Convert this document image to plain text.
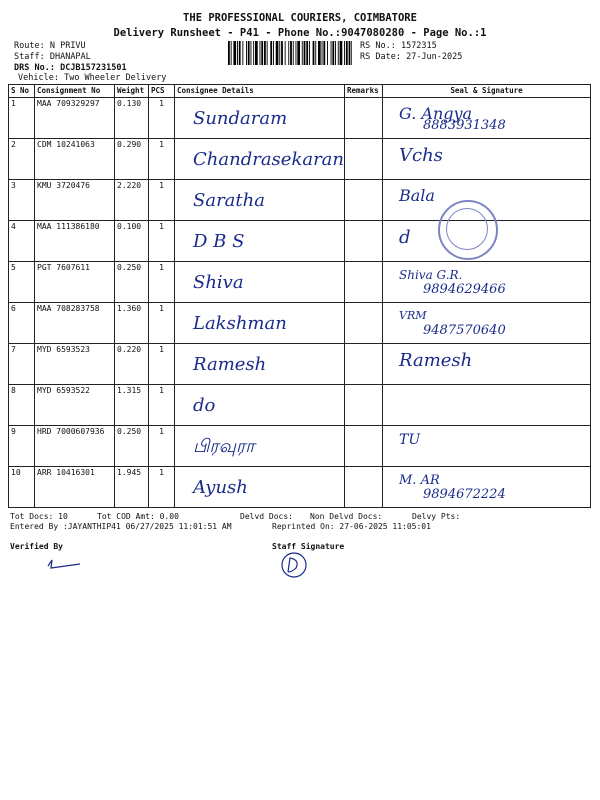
THE PROFESSIONAL COURIERS, COIMBATORE
Delivery Runsheet - P41 - Phone No.:9047080280 - Page No.:1
Route: N PRIVU
Staff: DHANAPAL
DRS No.: DCJB157231501
Vehicle: Two Wheeler Delivery
RS No.: 1572315
RS Date: 27-Jun-2025
S No	Consignment No	Weight	PCS	Consignee Details	Remarks	Seal & Signature
1	MAA 709329297	0.130	1	Sundaram		G. Angya
8883931348

2	CDM 10241063	0.290	1	Chandrasekaran		Vchs

3	KMU 3720476	2.220	1	Saratha		Bala

4	MAA 111386180	0.100	1	D B S		d

5	PGT 7607611	0.250	1	Shiva		Shiva G.R.
9894629466

6	MAA 708283758	1.360	1	Lakshman		VRM
9487570640

7	MYD 6593523	0.220	1	Ramesh		Ramesh

8	MYD 6593522	1.315	1	do		

9	HRD 7000607936	0.250	1	பிரவுரா		TU

10	ARR 10416301	1.945	1	Ayush		M. AR
9894672224
Tot Docs: 10	Tot COD Amt: 0.00	Delvd Docs: Non Delvd Docs:	Delvy Pts:
Entered By :JAYANTHIP41 06/27/2025 11:01:51 AM	Reprinted On: 27-06-2025 11:05:01
Verified By	Staff Signature
